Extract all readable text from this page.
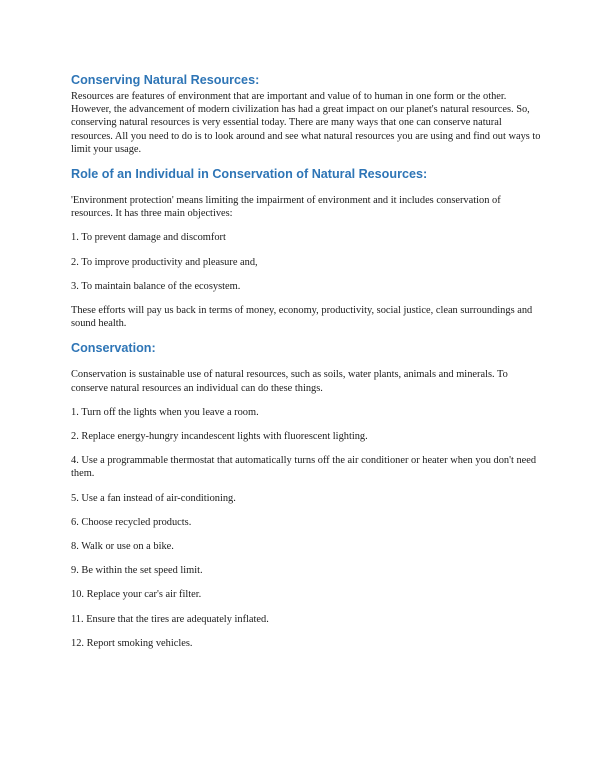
Conserving Natural Resources:

Resources are features of environment that are important and value of to human in one form or the other. However, the advancement of modern civilization has had a great impact on our planet's natural resources. So, conserving natural resources is very essential today. There are many ways that one can conserve natural resources. All you need to do is to look around and see what natural resources you are using and find out ways to limit your usage.

Role of an Individual in Conservation of Natural Resources:

'Environment protection' means limiting the impairment of environment and it includes conservation of resources. It has three main objectives:

1. To prevent damage and discomfort

2. To improve productivity and pleasure and,

3. To maintain balance of the ecosystem.

These efforts will pay us back in terms of money, economy, productivity, social justice, clean surroundings and sound health.

Conservation:

Conservation is sustainable use of natural resources, such as soils, water plants, animals and minerals. To conserve natural resources an individual can do these things.

1. Turn off the lights when you leave a room.

2. Replace energy-hungry incandescent lights with fluorescent lighting.

4. Use a programmable thermostat that automatically turns off the air conditioner or heater when you don't need them.

5. Use a fan instead of air-conditioning.

6. Choose recycled products.

8. Walk or use on a bike.

9. Be within the set speed limit.

10. Replace your car's air filter.

11. Ensure that the tires are adequately inflated.

12. Report smoking vehicles.
